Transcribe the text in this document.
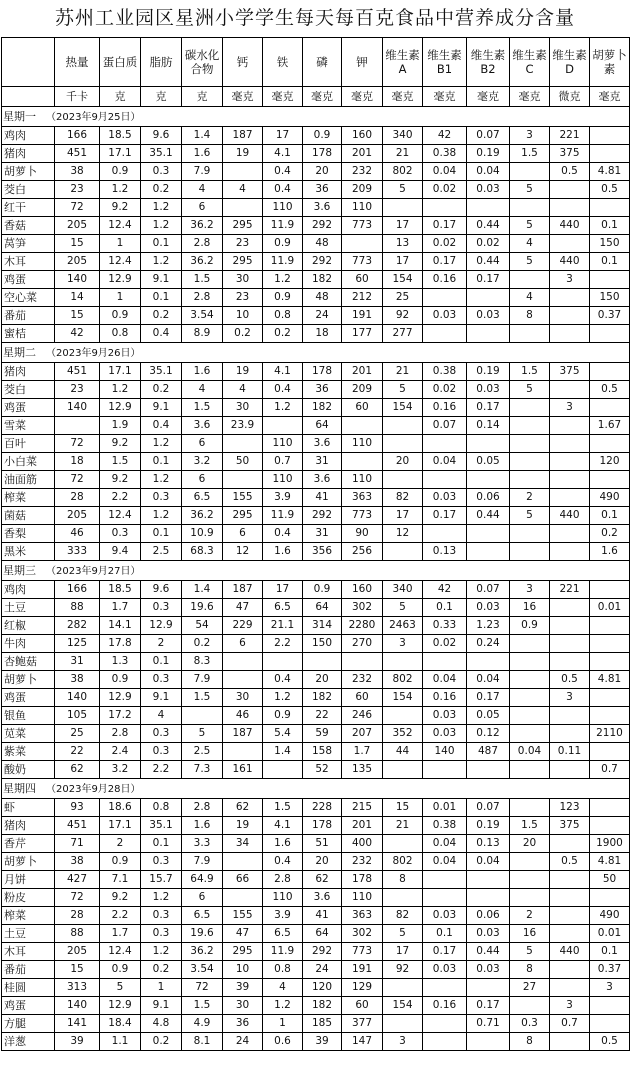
苏州工业园区星洲小学学生每天每百克食品中营养成分含量
	热量	蛋白质	脂肪	碳水化合物	钙	铁	磷	钾	维生素A	维生素B1	维生素B2	维生素C	维生素D	胡萝卜素
	千卡	克	克	克	毫克	毫克	毫克	毫克	毫克	毫克	毫克	毫克	微克	毫克
星期一 （2023年9月25日）														
鸡肉	166	18.5	9.6	1.4	187	17	0.9	160	340	42	0.07	3	221	
猪肉	451	17.1	35.1	1.6	19	4.1	178	201	21	0.38	0.19	1.5	375	
胡萝卜	38	0.9	0.3	7.9		0.4	20	232	802	0.04	0.04		0.5	4.81
茭白	23	1.2	0.2	4	4	0.4	36	209	5	0.02	0.03	5		0.5
红干	72	9.2	1.2	6		110	3.6	110						
香菇	205	12.4	1.2	36.2	295	11.9	292	773	17	0.17	0.44	5	440	0.1
莴笋	15	1	0.1	2.8	23	0.9	48		13	0.02	0.02	4		150
木耳	205	12.4	1.2	36.2	295	11.9	292	773	17	0.17	0.44	5	440	0.1
鸡蛋	140	12.9	9.1	1.5	30	1.2	182	60	154	0.16	0.17		3	
空心菜	14	1	0.1	2.8	23	0.9	48	212	25			4		150
番茄	15	0.9	0.2	3.54	10	0.8	24	191	92	0.03	0.03	8		0.37
蜜桔	42	0.8	0.4	8.9	0.2	0.2	18	177	277					
星期二 （2023年9月26日）														
猪肉	451	17.1	35.1	1.6	19	4.1	178	201	21	0.38	0.19	1.5	375	
茭白	23	1.2	0.2	4	4	0.4	36	209	5	0.02	0.03	5		0.5
鸡蛋	140	12.9	9.1	1.5	30	1.2	182	60	154	0.16	0.17		3	
雪菜		1.9	0.4	3.6	23.9		64			0.07	0.14			1.67
百叶	72	9.2	1.2	6		110	3.6	110						
小白菜	18	1.5	0.1	3.2	50	0.7	31		20	0.04	0.05			120
油面筋	72	9.2	1.2	6		110	3.6	110						
榨菜	28	2.2	0.3	6.5	155	3.9	41	363	82	0.03	0.06	2		490
菌菇	205	12.4	1.2	36.2	295	11.9	292	773	17	0.17	0.44	5	440	0.1
香梨	46	0.3	0.1	10.9	6	0.4	31	90	12					0.2
黑米	333	9.4	2.5	68.3	12	1.6	356	256		0.13				1.6
星期三 （2023年9月27日）														
鸡肉	166	18.5	9.6	1.4	187	17	0.9	160	340	42	0.07	3	221	
土豆	88	1.7	0.3	19.6	47	6.5	64	302	5	0.1	0.03	16		0.01
红椒	282	14.1	12.9	54	229	21.1	314	2280	2463	0.33	1.23	0.9		
牛肉	125	17.8	2	0.2	6	2.2	150	270	3	0.02	0.24			
杏鲍菇	31	1.3	0.1	8.3										
胡萝卜	38	0.9	0.3	7.9		0.4	20	232	802	0.04	0.04		0.5	4.81
鸡蛋	140	12.9	9.1	1.5	30	1.2	182	60	154	0.16	0.17		3	
银鱼	105	17.2	4		46	0.9	22	246		0.03	0.05			
苋菜	25	2.8	0.3	5	187	5.4	59	207	352	0.03	0.12			2110
紫菜	22	2.4	0.3	2.5		1.4	158	1.7	44	140	487	0.04	0.11	
酸奶	62	3.2	2.2	7.3	161		52	135						0.7
星期四 （2023年9月28日）														
虾	93	18.6	0.8	2.8	62	1.5	228	215	15	0.01	0.07		123	
猪肉	451	17.1	35.1	1.6	19	4.1	178	201	21	0.38	0.19	1.5	375	
香芹	71	2	0.1	3.3	34	1.6	51	400		0.04	0.13	20		1900
胡萝卜	38	0.9	0.3	7.9		0.4	20	232	802	0.04	0.04		0.5	4.81
月饼	427	7.1	15.7	64.9	66	2.8	62	178	8					50
粉皮	72	9.2	1.2	6		110	3.6	110						
榨菜	28	2.2	0.3	6.5	155	3.9	41	363	82	0.03	0.06	2		490
土豆	88	1.7	0.3	19.6	47	6.5	64	302	5	0.1	0.03	16		0.01
木耳	205	12.4	1.2	36.2	295	11.9	292	773	17	0.17	0.44	5	440	0.1
番茄	15	0.9	0.2	3.54	10	0.8	24	191	92	0.03	0.03	8		0.37
桂圆	313	5	1	72	39	4	120	129				27		3
鸡蛋	140	12.9	9.1	1.5	30	1.2	182	60	154	0.16	0.17		3	
方腿	141	18.4	4.8	4.9	36	1	185	377			0.71	0.3	0.7	
洋葱	39	1.1	0.2	8.1	24	0.6	39	147	3			8		0.5
